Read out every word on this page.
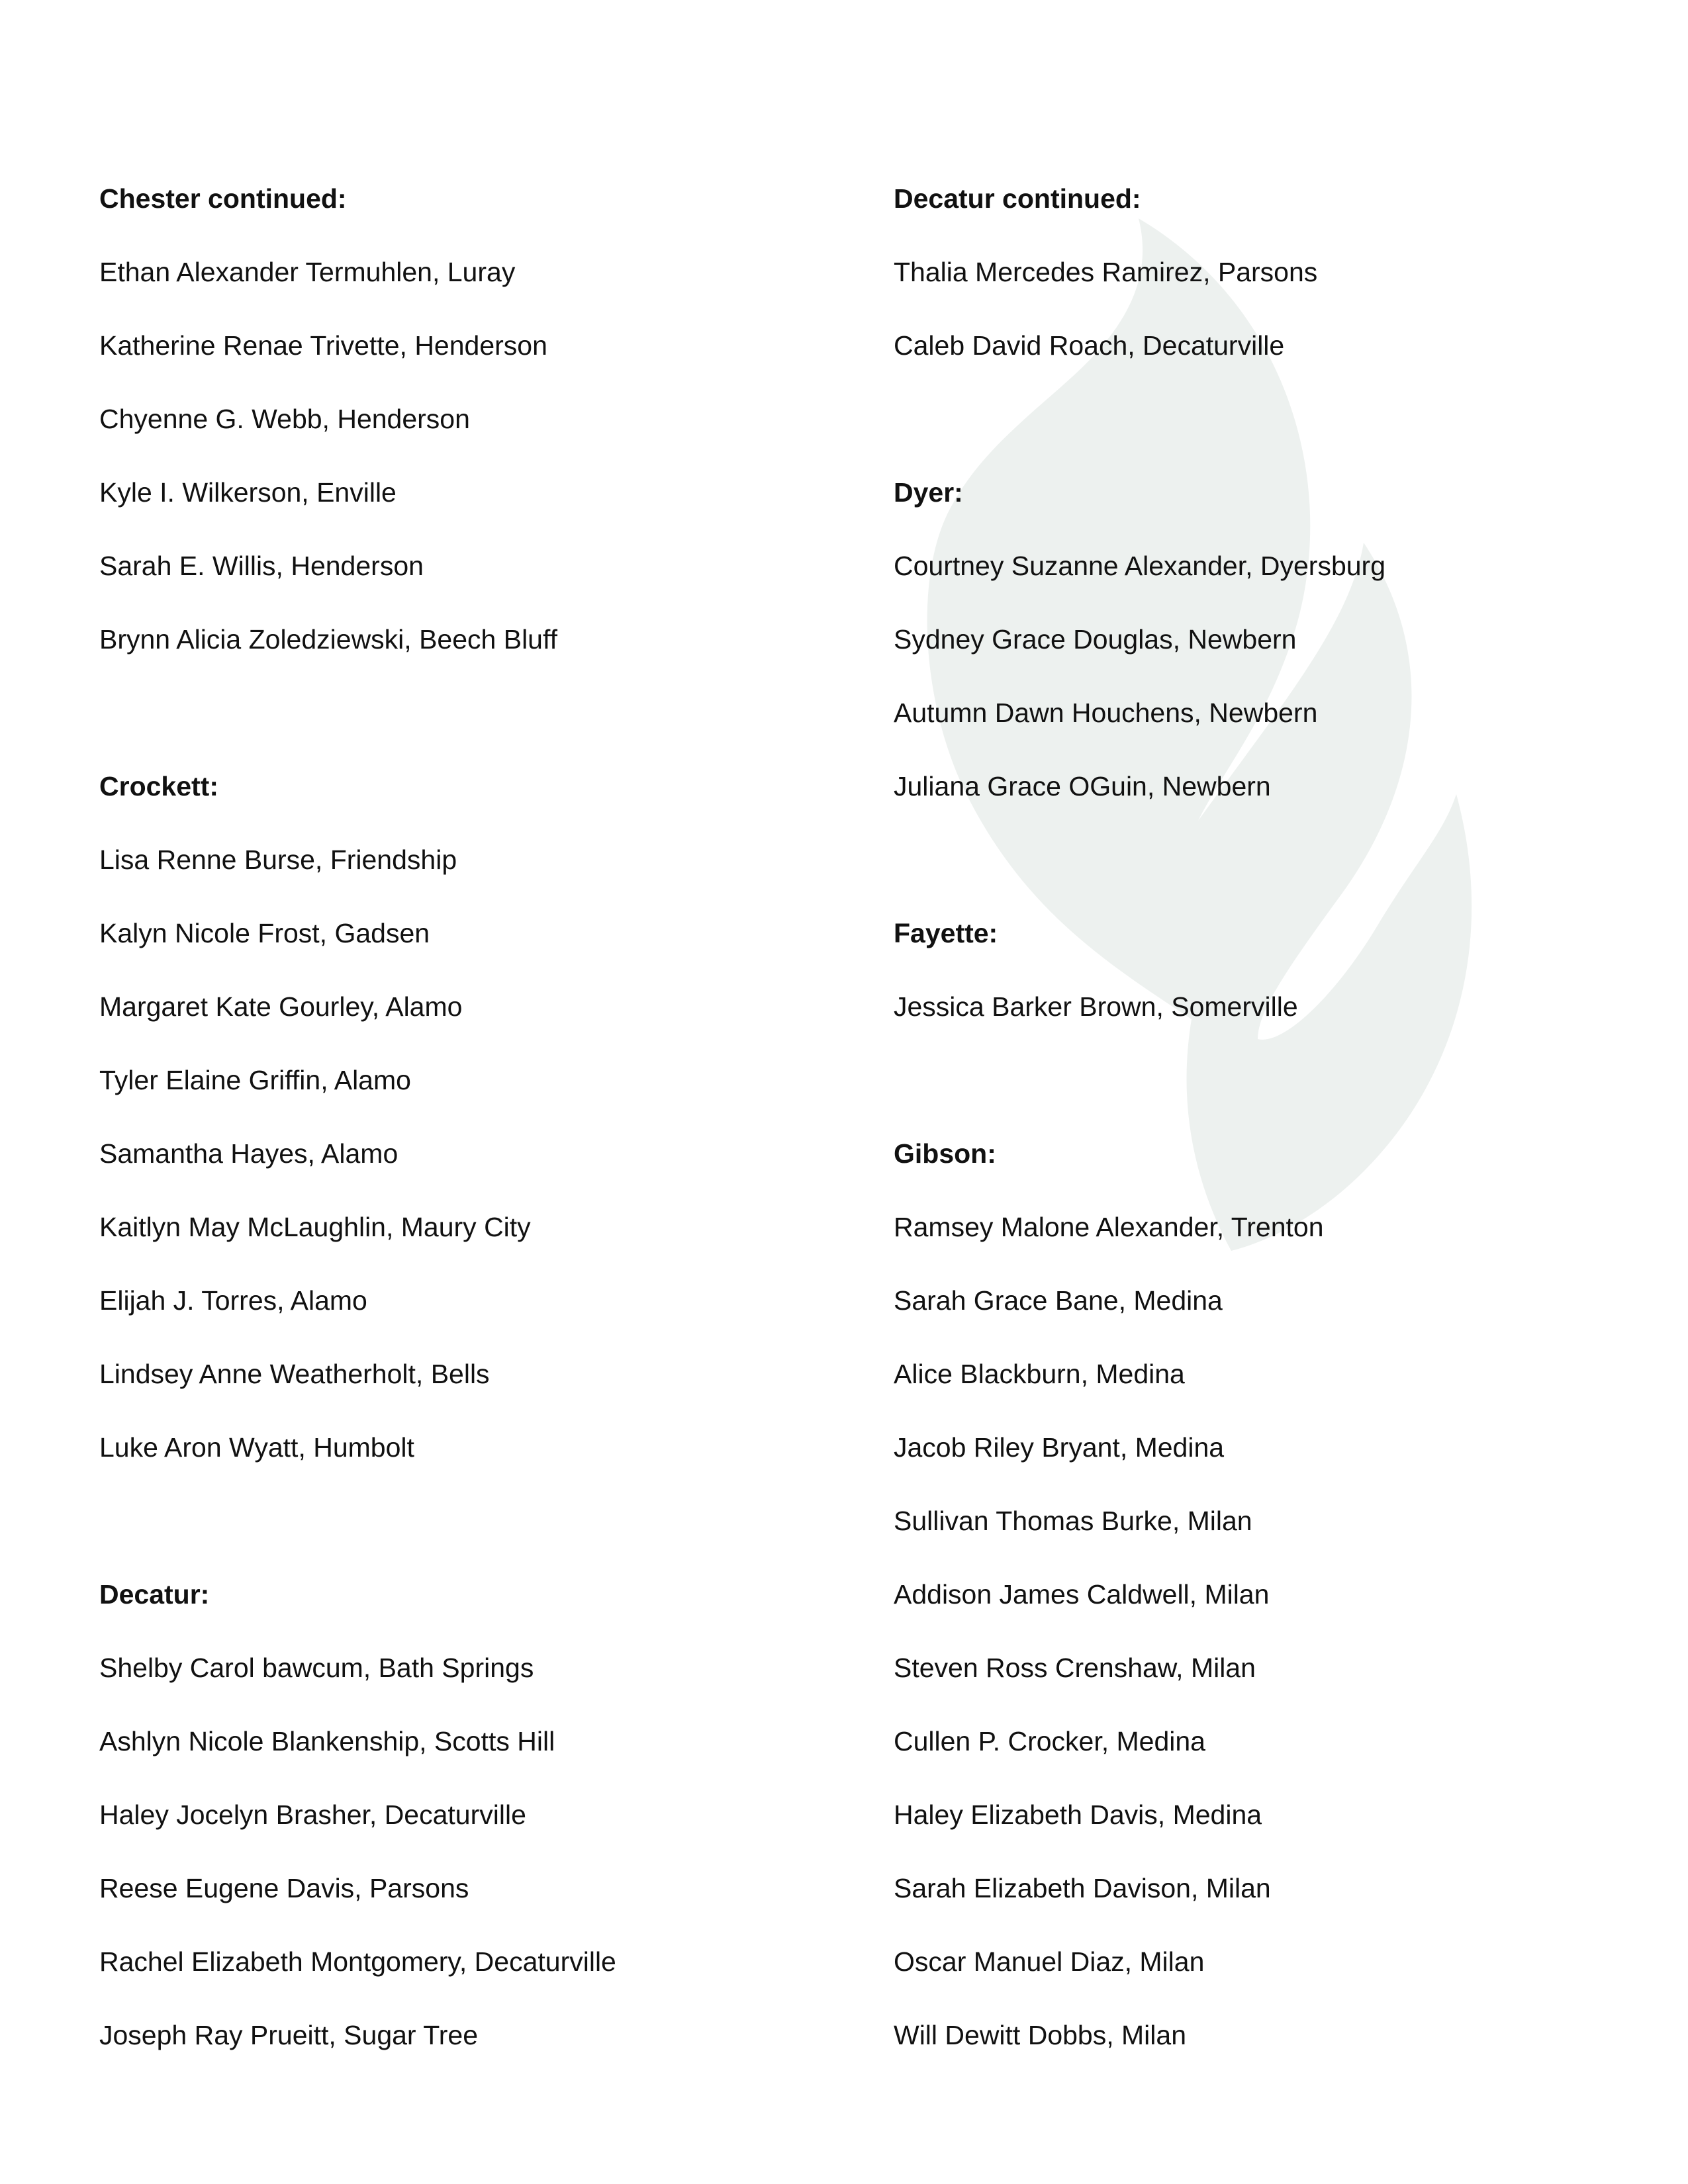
Chester continued:
Ethan Alexander Termuhlen, Luray
Katherine Renae Trivette, Henderson
Chyenne G. Webb, Henderson
Kyle I. Wilkerson, Enville
Sarah E. Willis, Henderson
Brynn Alicia Zoledziewski, Beech Bluff
Crockett:
Lisa Renne Burse, Friendship
Kalyn Nicole Frost, Gadsen
Margaret Kate Gourley, Alamo
Tyler Elaine Griffin, Alamo
Samantha Hayes, Alamo
Kaitlyn May McLaughlin, Maury City
Elijah J. Torres, Alamo
Lindsey Anne Weatherholt, Bells
Luke Aron Wyatt, Humbolt
Decatur:
Shelby Carol bawcum, Bath Springs
Ashlyn Nicole Blankenship, Scotts Hill
Haley Jocelyn Brasher, Decaturville
Reese Eugene Davis, Parsons
Rachel Elizabeth Montgomery, Decaturville
Joseph Ray Prueitt, Sugar Tree
Decatur continued:
Thalia Mercedes Ramirez, Parsons
Caleb David Roach, Decaturville
Dyer:
Courtney Suzanne Alexander, Dyersburg
Sydney Grace Douglas, Newbern
Autumn Dawn Houchens, Newbern
Juliana Grace OGuin, Newbern
Fayette:
Jessica Barker Brown, Somerville
Gibson:
Ramsey Malone Alexander, Trenton
Sarah Grace Bane, Medina
Alice Blackburn, Medina
Jacob Riley Bryant, Medina
Sullivan Thomas Burke, Milan
Addison James Caldwell, Milan
Steven Ross Crenshaw, Milan
Cullen P. Crocker, Medina
Haley Elizabeth Davis, Medina
Sarah Elizabeth Davison, Milan
Oscar Manuel Diaz, Milan
Will Dewitt Dobbs, Milan
